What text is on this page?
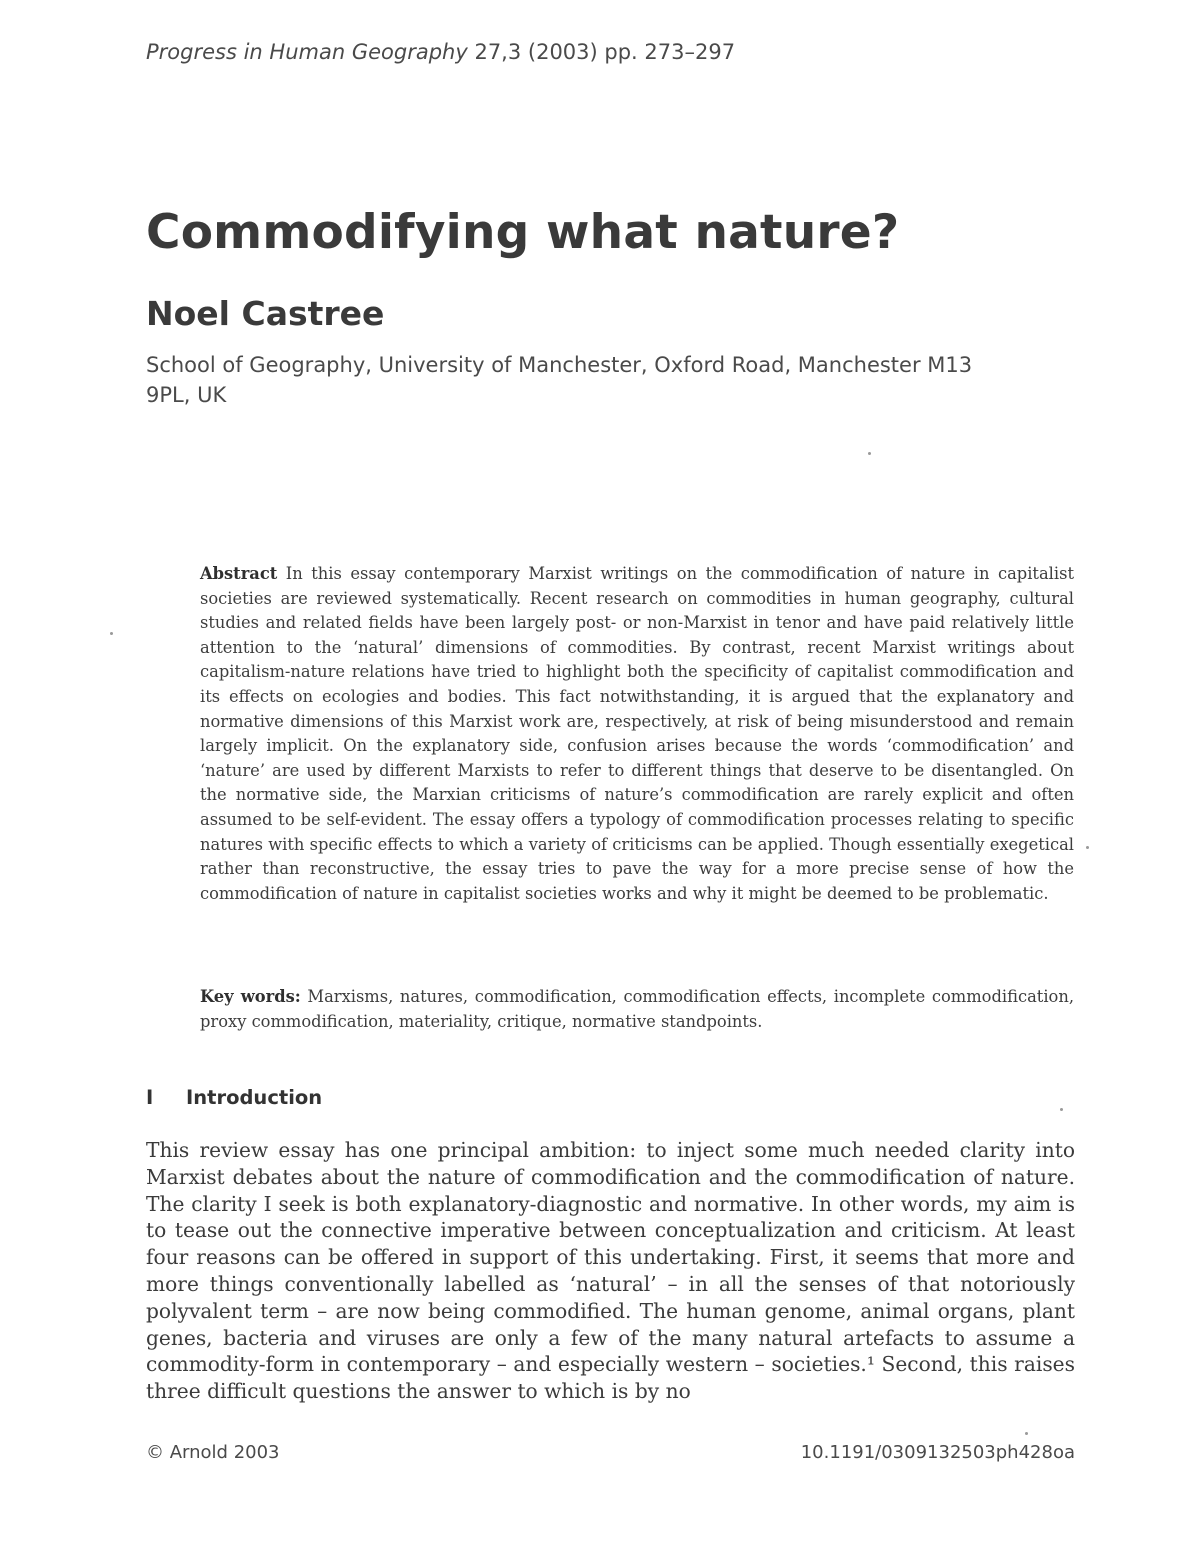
Progress in Human Geography 27,3 (2003) pp. 273–297
Commodifying what nature?
Noel Castree

School of Geography, University of Manchester, Oxford Road, Manchester M13 9PL, UK

Abstract In this essay contemporary Marxist writings on the commodification of nature in capitalist societies are reviewed systematically. Recent research on commodities in human geography, cultural studies and related fields have been largely post- or non-Marxist in tenor and have paid relatively little attention to the ‘natural’ dimensions of commodities. By contrast, recent Marxist writings about capitalism-nature relations have tried to highlight both the specificity of capitalist commodification and its effects on ecologies and bodies. This fact notwithstanding, it is argued that the explanatory and normative dimensions of this Marxist work are, respectively, at risk of being misunderstood and remain largely implicit. On the explanatory side, confusion arises because the words ‘commodification’ and ‘nature’ are used by different Marxists to refer to different things that deserve to be disentangled. On the normative side, the Marxian criticisms of nature’s commodification are rarely explicit and often assumed to be self-evident. The essay offers a typology of commodification processes relating to specific natures with specific effects to which a variety of criticisms can be applied. Though essentially exegetical rather than reconstructive, the essay tries to pave the way for a more precise sense of how the commodification of nature in capitalist societies works and why it might be deemed to be problematic.

Key words: Marxisms, natures, commodification, commodification effects, incomplete commodification, proxy commodification, materiality, critique, normative standpoints.

I Introduction

This review essay has one principal ambition: to inject some much needed clarity into Marxist debates about the nature of commodification and the commodification of nature. The clarity I seek is both explanatory-diagnostic and normative. In other words, my aim is to tease out the connective imperative between conceptualization and criticism. At least four reasons can be offered in support of this undertaking. First, it seems that more and more things conventionally labelled as ‘natural’ – in all the senses of that notoriously polyvalent term – are now being commodified. The human genome, animal organs, plant genes, bacteria and viruses are only a few of the many natural artefacts to assume a commodity-form in contemporary – and especially western – societies.¹ Second, this raises three difficult questions the answer to which is by no

© Arnold 2003	10.1191/0309132503ph428oa
